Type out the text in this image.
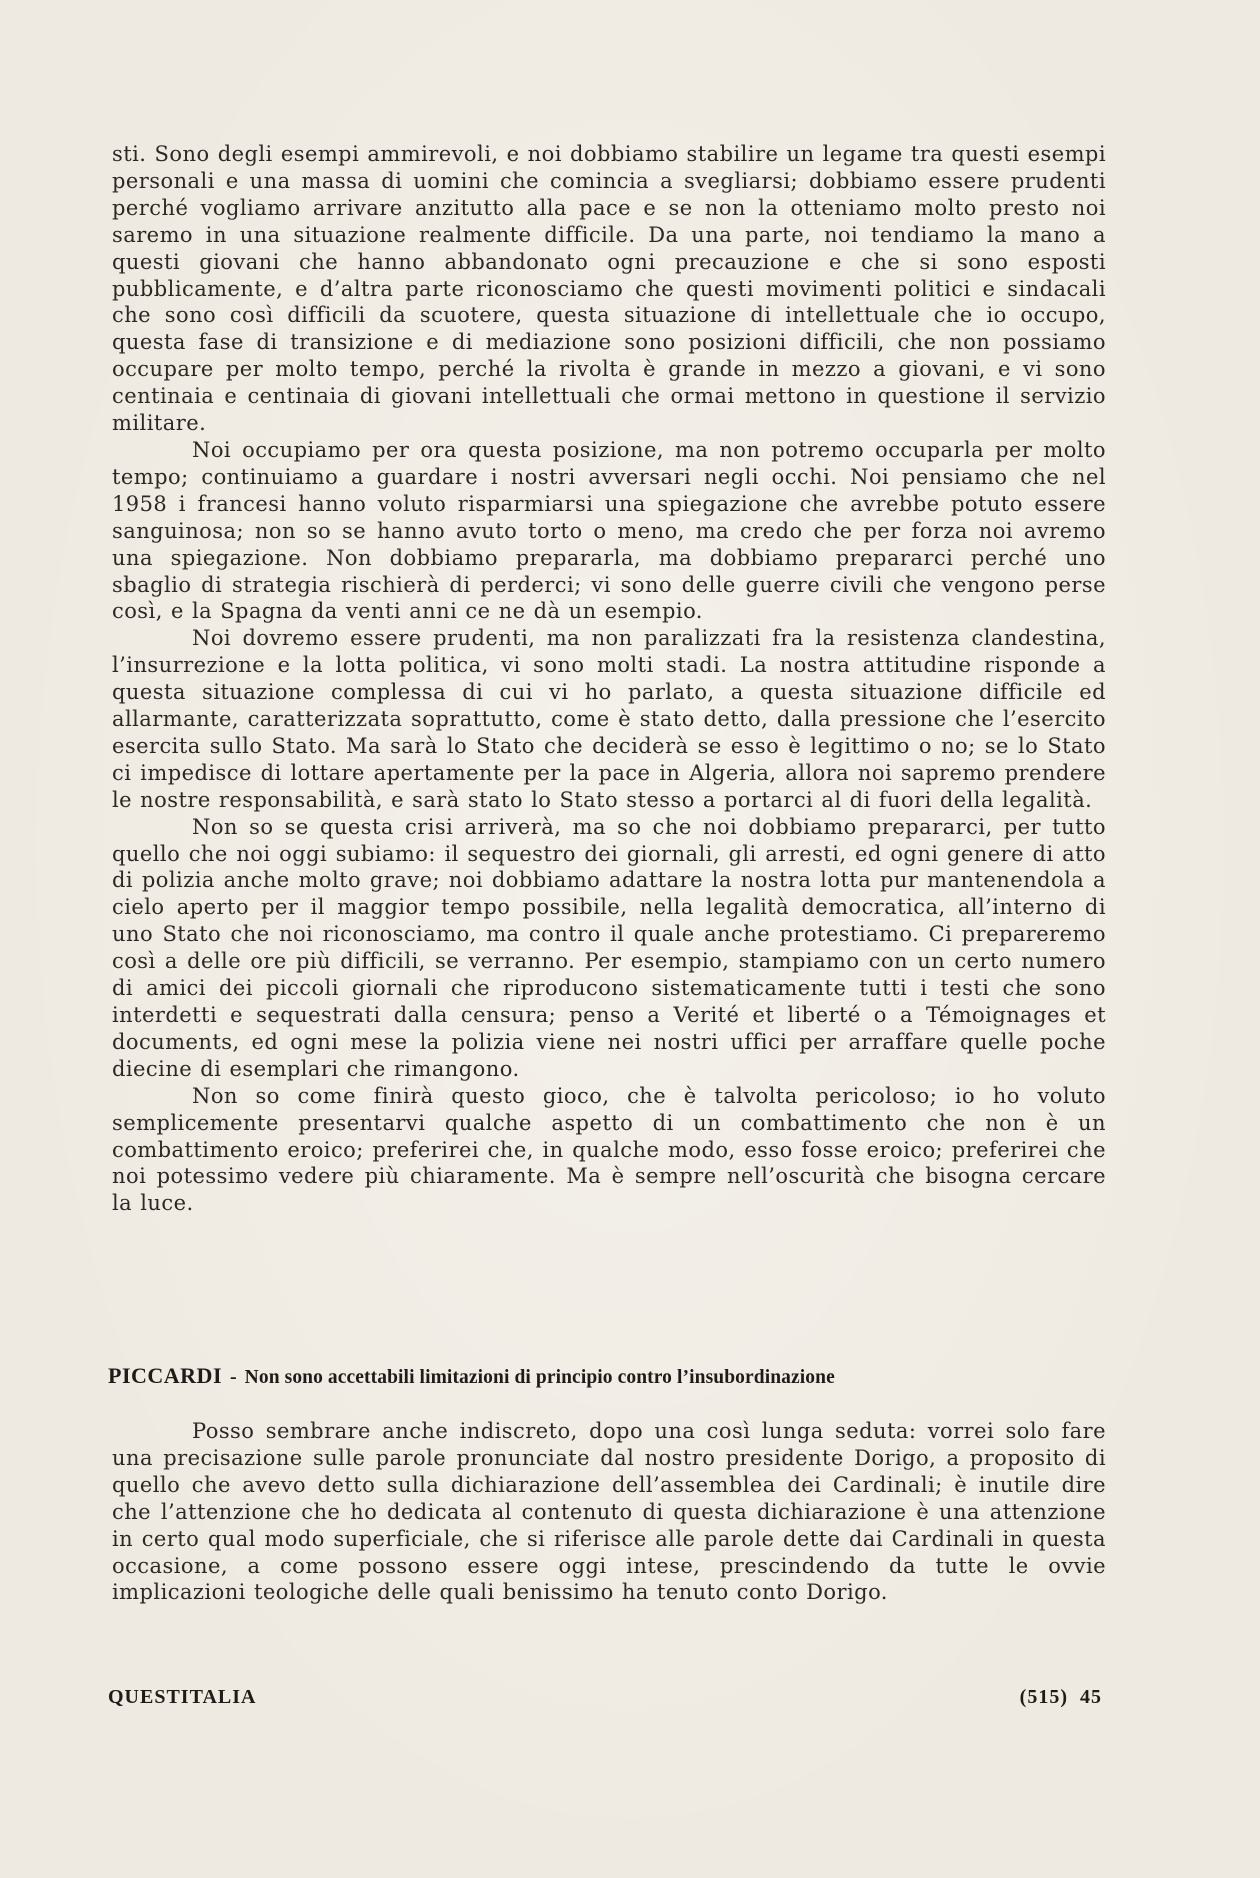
sti. Sono degli esempi ammirevoli, e noi dobbiamo stabilire un legame tra questi esempi personali e una massa di uomini che comincia a svegliarsi; dobbiamo essere prudenti perché vogliamo arrivare anzitutto alla pace e se non la otteniamo molto presto noi saremo in una situazione realmente difficile. Da una parte, noi tendiamo la mano a questi giovani che hanno abbandonato ogni precauzione e che si sono esposti pubblicamente, e d’altra parte riconosciamo che questi movimenti politici e sindacali che sono così difficili da scuotere, questa situazione di intellettuale che io occupo, questa fase di transizione e di mediazione sono posizioni difficili, che non possiamo occupare per molto tempo, perché la rivolta è grande in mezzo a giovani, e vi sono centinaia e centinaia di giovani intellettuali che ormai mettono in questione il servizio militare.

Noi occupiamo per ora questa posizione, ma non potremo occuparla per molto tempo; continuiamo a guardare i nostri avversari negli occhi. Noi pensiamo che nel 1958 i francesi hanno voluto risparmiarsi una spiegazione che avrebbe potuto essere sanguinosa; non so se hanno avuto torto o meno, ma credo che per forza noi avremo una spiegazione. Non dobbiamo prepararla, ma dobbiamo prepararci perché uno sbaglio di strategia rischierà di perderci; vi sono delle guerre civili che vengono perse così, e la Spagna da venti anni ce ne dà un esempio.

Noi dovremo essere prudenti, ma non paralizzati fra la resistenza clandestina, l’insurrezione e la lotta politica, vi sono molti stadi. La nostra attitudine risponde a questa situazione complessa di cui vi ho parlato, a questa situazione difficile ed allarmante, caratterizzata soprattutto, come è stato detto, dalla pressione che l’esercito esercita sullo Stato. Ma sarà lo Stato che deciderà se esso è legittimo o no; se lo Stato ci impedisce di lottare apertamente per la pace in Algeria, allora noi sapremo prendere le nostre responsabilità, e sarà stato lo Stato stesso a portarci al di fuori della legalità.

Non so se questa crisi arriverà, ma so che noi dobbiamo prepararci, per tutto quello che noi oggi subiamo: il sequestro dei giornali, gli arresti, ed ogni genere di atto di polizia anche molto grave; noi dobbiamo adattare la nostra lotta pur mantenendola a cielo aperto per il maggior tempo possibile, nella legalità democratica, all’interno di uno Stato che noi riconosciamo, ma contro il quale anche protestiamo. Ci prepareremo così a delle ore più difficili, se verranno. Per esempio, stampiamo con un certo numero di amici dei piccoli giornali che riproducono sistematicamente tutti i testi che sono interdetti e sequestrati dalla censura; penso a Verité et liberté o a Témoignages et documents, ed ogni mese la polizia viene nei nostri uffici per arraffare quelle poche diecine di esemplari che rimangono.

Non so come finirà questo gioco, che è talvolta pericoloso; io ho voluto semplicemente presentarvi qualche aspetto di un combattimento che non è un combattimento eroico; preferirei che, in qualche modo, esso fosse eroico; preferirei che noi potessimo vedere più chiaramente. Ma è sempre nell’oscurità che bisogna cercare la luce.

PICCARDI - Non sono accettabili limitazioni di principio contro l’insubordinazione

Posso sembrare anche indiscreto, dopo una così lunga seduta: vorrei solo fare una precisazione sulle parole pronunciate dal nostro presidente Dorigo, a proposito di quello che avevo detto sulla dichiarazione dell’assemblea dei Cardinali; è inutile dire che l’attenzione che ho dedicata al contenuto di questa dichiarazione è una attenzione in certo qual modo superficiale, che si riferisce alle parole dette dai Cardinali in questa occasione, a come possono essere oggi intese, prescindendo da tutte le ovvie implicazioni teologiche delle quali benissimo ha tenuto conto Dorigo.

QUESTITALIA	(515) 45
